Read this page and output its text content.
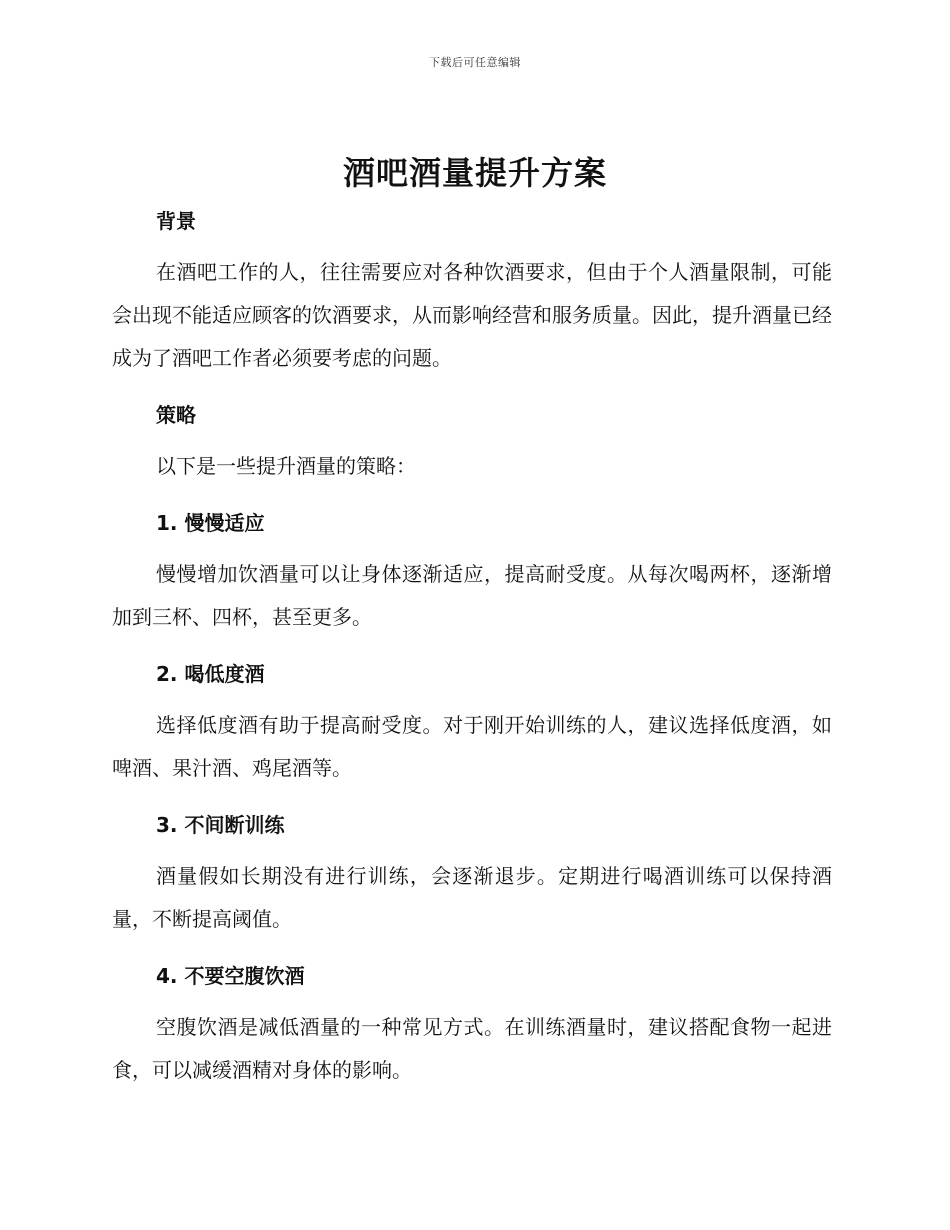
下载后可任意编辑
酒吧酒量提升方案
背景

在酒吧工作的人，往往需要应对各种饮酒要求，但由于个人酒量限制，可能会出现不能适应顾客的饮酒要求，从而影响经营和服务质量。因此，提升酒量已经成为了酒吧工作者必须要考虑的问题。

策略

以下是一些提升酒量的策略：

1. 慢慢适应

慢慢增加饮酒量可以让身体逐渐适应，提高耐受度。从每次喝两杯，逐渐增加到三杯、四杯，甚至更多。

2. 喝低度酒

选择低度酒有助于提高耐受度。对于刚开始训练的人，建议选择低度酒，如啤酒、果汁酒、鸡尾酒等。

3. 不间断训练

酒量假如长期没有进行训练，会逐渐退步。定期进行喝酒训练可以保持酒量，不断提高阈值。

4. 不要空腹饮酒

空腹饮酒是减低酒量的一种常见方式。在训练酒量时，建议搭配食物一起进食，可以减缓酒精对身体的影响。
